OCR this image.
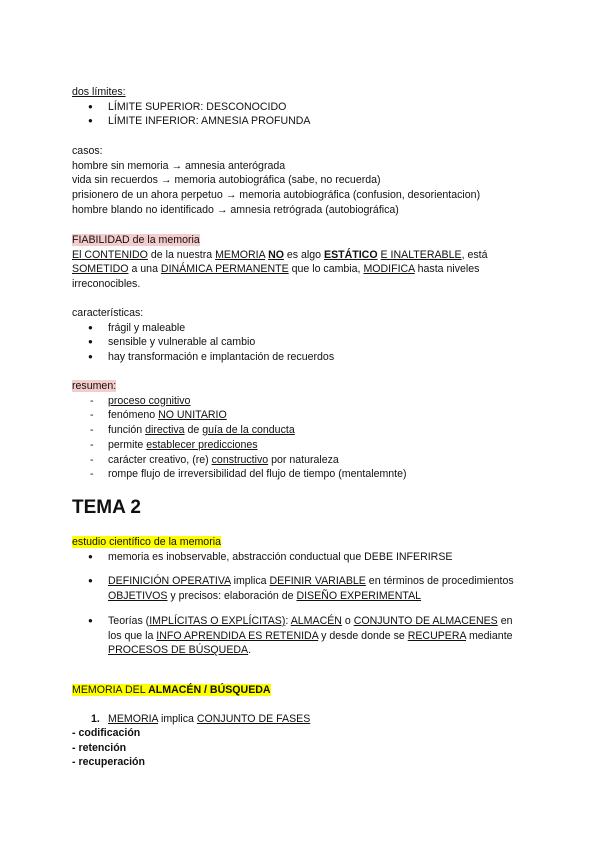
dos límites:
● LÍMITE SUPERIOR: DESCONOCIDO
● LÍMITE INFERIOR: AMNESIA PROFUNDA
casos:
hombre sin memoria → amnesia anterógrada
vida sin recuerdos → memoria autobiográfica (sabe, no recuerda)
prisionero de un ahora perpetuo → memoria autobiográfica (confusion, desorientacion)
hombre blando no identificado → amnesia retrógrada (autobiográfica)
FIABILIDAD de la memoria
El CONTENIDO de la nuestra MEMORIA NO es algo ESTÁTICO E INALTERABLE, está
SOMETIDO a una DINÁMICA PERMANENTE que lo cambia, MODIFICA hasta niveles
irreconocibles.
características:
● frágil y maleable
● sensible y vulnerable al cambio
● hay transformación e implantación de recuerdos
resumen:
- proceso cognitivo
- fenómeno NO UNITARIO
- función directiva de guía de la conducta
- permite establecer predicciones
- carácter creativo, (re) constructivo por naturaleza
- rompe flujo de irreversibilidad del flujo de tiempo (mentalemnte)
TEMA 2
estudio científico de la memoria
● memoria es inobservable, abstracción conductual que DEBE INFERIRSE
● DEFINICIÓN OPERATIVA implica DEFINIR VARIABLE en términos de procedimientos OBJETIVOS y precisos: elaboración de DISEÑO EXPERIMENTAL
● Teorías (IMPLÍCITAS O EXPLÍCITAS): ALMACÉN o CONJUNTO DE ALMACENES en los que la INFO APRENDIDA ES RETENIDA y desde donde se RECUPERA mediante PROCESOS DE BÚSQUEDA.
MEMORIA DEL ALMACÉN / BÚSQUEDA
1. MEMORIA implica CONJUNTO DE FASES
- codificación
- retención
- recuperación
